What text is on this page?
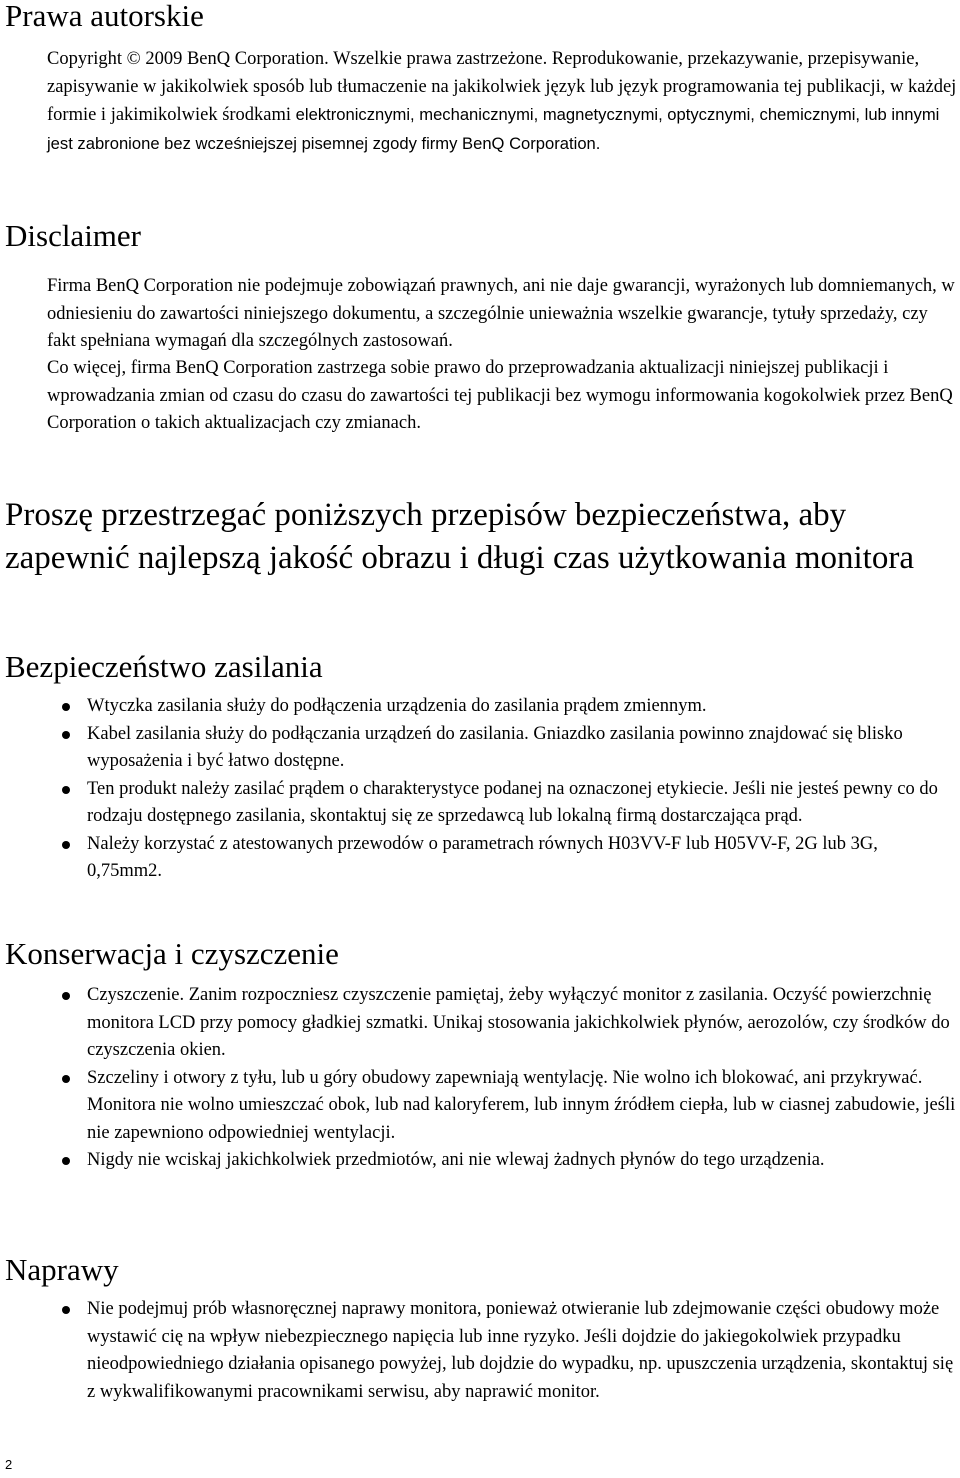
Prawa autorskie

Copyright © 2009 BenQ Corporation. Wszelkie prawa zastrzeżone. Reprodukowanie, przekazywanie, przepisywanie, zapisywanie w jakikolwiek sposób lub tłumaczenie na jakikolwiek język lub język programowania tej publikacji, w każdej formie i jakimikolwiek środkami elektronicznymi, mechanicznymi, magnetycznymi, optycznymi, chemicznymi, lub innymi jest zabronione bez wcześniejszej pisemnej zgody firmy BenQ Corporation.

Disclaimer

Firma BenQ Corporation nie podejmuje zobowiązań prawnych, ani nie daje gwarancji, wyrażonych lub domniemanych, w odniesieniu do zawartości niniejszego dokumentu, a szczególnie unieważnia wszelkie gwarancje, tytuły sprzedaży, czy fakt spełniana wymagań dla szczególnych zastosowań.

Co więcej, firma BenQ Corporation zastrzega sobie prawo do przeprowadzania aktualizacji niniejszej publikacji i wprowadzania zmian od czasu do czasu do zawartości tej publikacji bez wymogu informowania kogokolwiek przez BenQ Corporation o takich aktualizacjach czy zmianach.

Proszę przestrzegać poniższych przepisów bezpieczeństwa, aby zapewnić najlepszą jakość obrazu i długi czas użytkowania monitora
Bezpieczeństwo zasilania
Wtyczka zasilania służy do podłączenia urządzenia do zasilania prądem zmiennym.
Kabel zasilania służy do podłączania urządzeń do zasilania. Gniazdko zasilania powinno znajdować się blisko wyposażenia i być łatwo dostępne.
Ten produkt należy zasilać prądem o charakterystyce podanej na oznaczonej etykiecie. Jeśli nie jesteś pewny co do rodzaju dostępnego zasilania, skontaktuj się ze sprzedawcą lub lokalną firmą dostarczająca prąd.
Należy korzystać z atestowanych przewodów o parametrach równych H03VV-F lub H05VV-F, 2G lub 3G, 0,75mm2.
Konserwacja i czyszczenie
Czyszczenie. Zanim rozpoczniesz czyszczenie pamiętaj, żeby wyłączyć monitor z zasilania. Oczyść powierzchnię monitora LCD przy pomocy gładkiej szmatki. Unikaj stosowania jakichkolwiek płynów, aerozolów, czy środków do czyszczenia okien.
Szczeliny i otwory z tyłu, lub u góry obudowy zapewniają wentylację. Nie wolno ich blokować, ani przykrywać. Monitora nie wolno umieszczać obok, lub nad kaloryferem, lub innym źródłem ciepła, lub w ciasnej zabudowie, jeśli nie zapewniono odpowiedniej wentylacji.
Nigdy nie wciskaj jakichkolwiek przedmiotów, ani nie wlewaj żadnych płynów do tego urządzenia.
Naprawy
Nie podejmuj prób własnoręcznej naprawy monitora, ponieważ otwieranie lub zdejmowanie części obudowy może wystawić cię na wpływ niebezpiecznego napięcia lub inne ryzyko. Jeśli dojdzie do jakiegokolwiek przypadku nieodpowiedniego działania opisanego powyżej, lub dojdzie do wypadku, np. upuszczenia urządzenia, skontaktuj się z wykwalifikowanymi pracownikami serwisu, aby naprawić monitor.
2
